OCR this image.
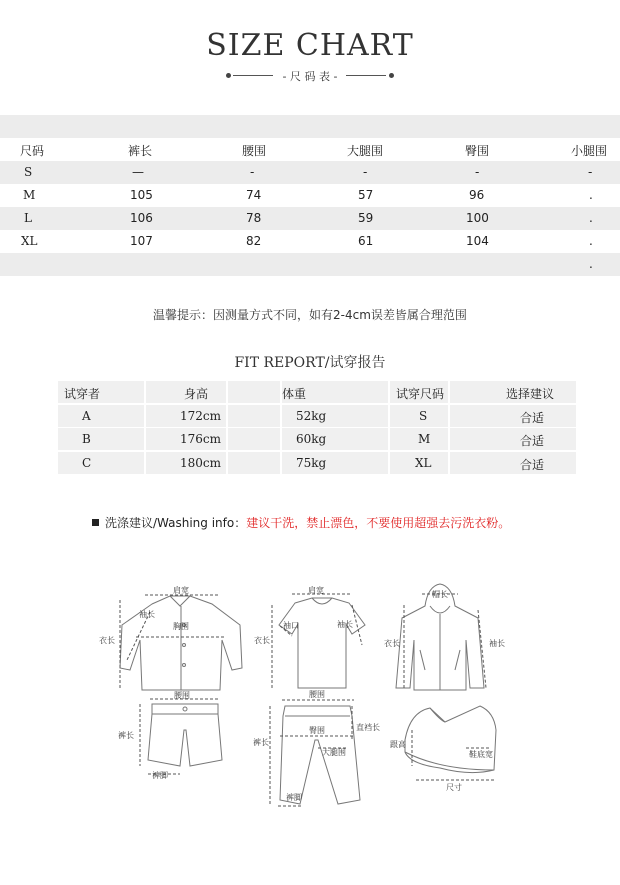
SIZE CHART
- 尺 码 表 -
尺码	裤长	腰围	大腿围	臀围	小腿围
S	—	-	-	-	-
M	105	74	57	96	.
L	106	78	59	100	.
XL	107	82	61	104	.
.
温馨提示：因测量方式不同，如有2-4cm误差皆属合理范围
FIT REPORT/试穿报告
试穿者	身高	体重	试穿尺码	选择建议
A	172cm	52kg	S	合适
B	176cm	60kg	M	合适
C	180cm	75kg	XL	合适
洗涤建议/Washing info：建议干洗，禁止漂色，不要使用超强去污洗衣粉。
肩宽
胸围
袖长
衣长
肩宽
袖口	袖长
衣长
帽长
袖长
衣长
腰围
裤长
裤脚
腰围
臀围	直裆长
大腿围
裤长
裤脚
跟高
鞋底宽
尺寸
